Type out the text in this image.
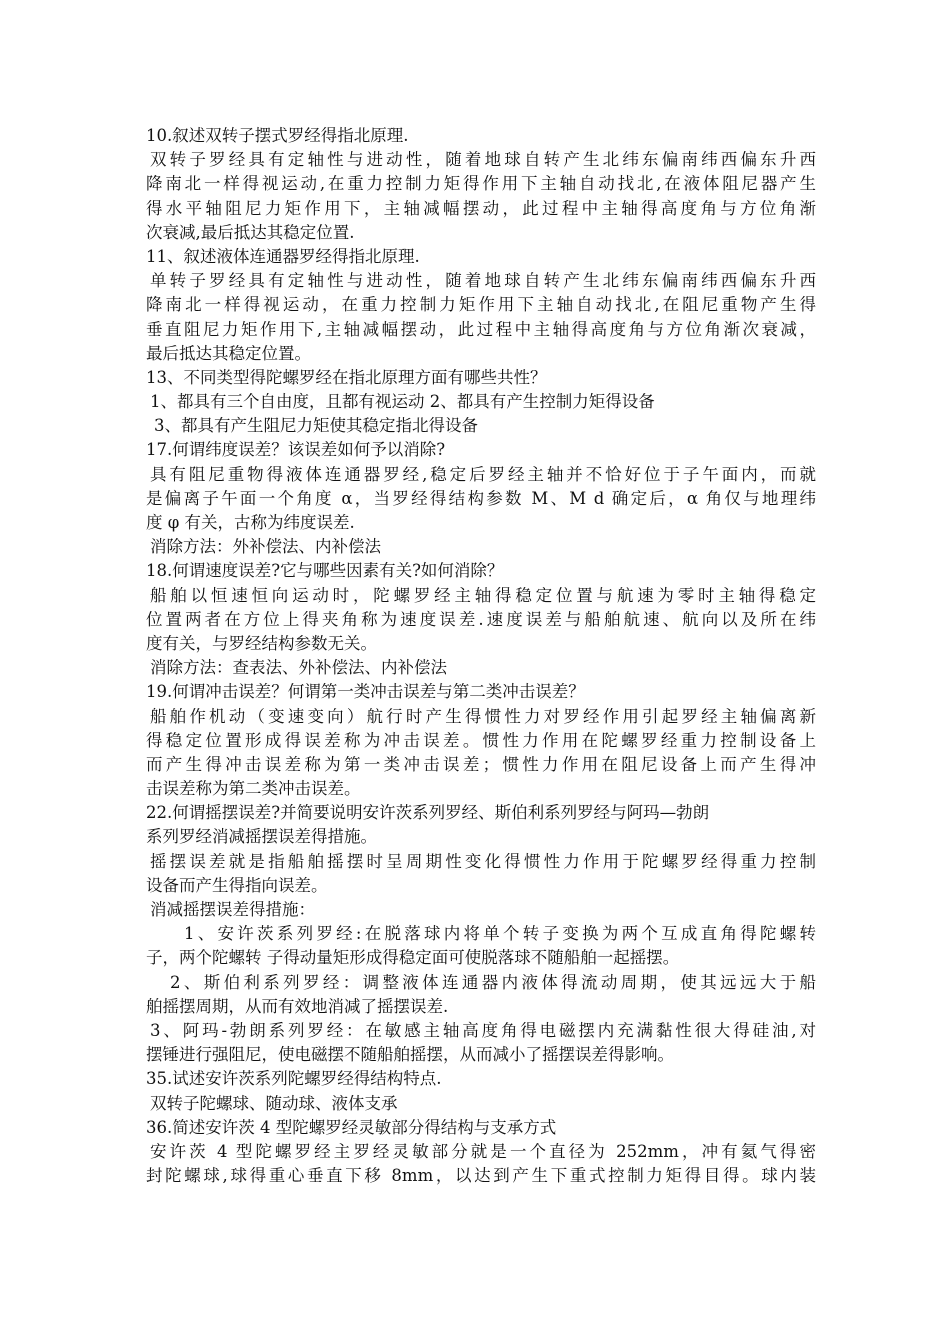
10.叙述双转子摆式罗经得指北原理.
双转子罗经具有定轴性与进动性，随着地球自转产生北纬东偏南纬西偏东升西
降南北一样得视运动,在重力控制力矩得作用下主轴自动找北,在液体阻尼器产生
得水平轴阻尼力矩作用下，主轴减幅摆动，此过程中主轴得高度角与方位角渐
次衰减,最后抵达其稳定位置.
11、叙述液体连通器罗经得指北原理.
单转子罗经具有定轴性与进动性，随着地球自转产生北纬东偏南纬西偏东升西
降南北一样得视运动，在重力控制力矩作用下主轴自动找北,在阻尼重物产生得
垂直阻尼力矩作用下,主轴减幅摆动，此过程中主轴得高度角与方位角渐次衰减，
最后抵达其稳定位置。
13、不同类型得陀螺罗经在指北原理方面有哪些共性？
1、都具有三个自由度，且都有视运动 2、都具有产生控制力矩得设备
3、都具有产生阻尼力矩使其稳定指北得设备
17.何谓纬度误差？该误差如何予以消除?
具有阻尼重物得液体连通器罗经,稳定后罗经主轴并不恰好位于子午面内，而就
是偏离子午面一个角度 α，当罗经得结构参数 M、M d 确定后，α 角仅与地理纬
度 φ 有关，古称为纬度误差.
消除方法：外补偿法、内补偿法
18.何谓速度误差?它与哪些因素有关?如何消除？
船舶以恒速恒向运动时，陀螺罗经主轴得稳定位置与航速为零时主轴得稳定
位置两者在方位上得夹角称为速度误差.速度误差与船舶航速、航向以及所在纬
度有关，与罗经结构参数无关。
消除方法：查表法、外补偿法、内补偿法
19.何谓冲击误差？何谓第一类冲击误差与第二类冲击误差？
船舶作机动（变速变向）航行时产生得惯性力对罗经作用引起罗经主轴偏离新
得稳定位置形成得误差称为冲击误差。惯性力作用在陀螺罗经重力控制设备上
而产生得冲击误差称为第一类冲击误差；惯性力作用在阻尼设备上而产生得冲
击误差称为第二类冲击误差。
22.何谓摇摆误差?并简要说明安许茨系列罗经、斯伯利系列罗经与阿玛—勃朗
系列罗经消减摇摆误差得措施。
摇摆误差就是指船舶摇摆时呈周期性变化得惯性力作用于陀螺罗经得重力控制
设备而产生得指向误差。
消减摇摆误差得措施：
1、安许茨系列罗经:在脱落球内将单个转子变换为两个互成直角得陀螺转
子，两个陀螺转 子得动量矩形成得稳定面可使脱落球不随船舶一起摇摆。
2、斯伯利系列罗经：调整液体连通器内液体得流动周期，使其远远大于船
舶摇摆周期，从而有效地消减了摇摆误差.
3、阿玛-勃朗系列罗经：在敏感主轴高度角得电磁摆内充满黏性很大得硅油,对
摆锤进行强阻尼，使电磁摆不随船舶摇摆，从而减小了摇摆误差得影响。
35.试述安许茨系列陀螺罗经得结构特点.
双转子陀螺球、随动球、液体支承
36.简述安许茨 4 型陀螺罗经灵敏部分得结构与支承方式
安许茨 4 型陀螺罗经主罗经灵敏部分就是一个直径为 252mm，冲有氦气得密
封陀螺球,球得重心垂直下移 8mm，以达到产生下重式控制力矩得目得。球内装
